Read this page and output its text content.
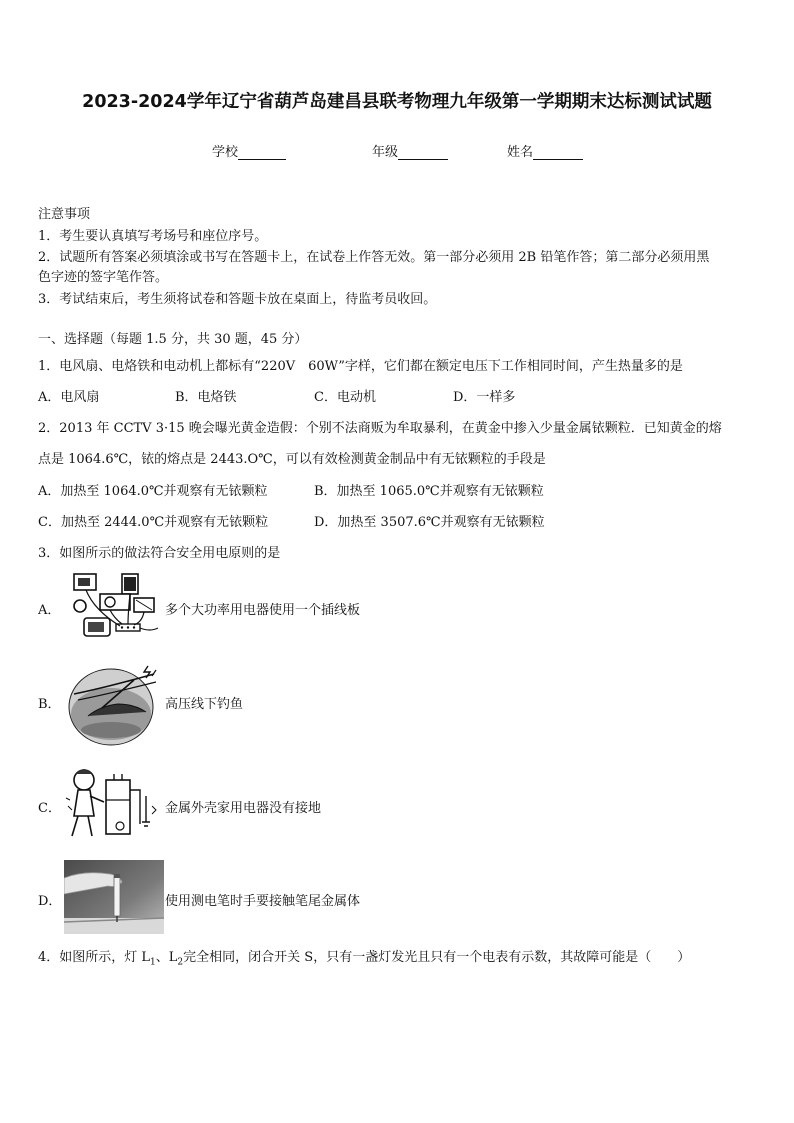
2023-2024学年辽宁省葫芦岛建昌县联考物理九年级第一学期期末达标测试试题
学校	年级	姓名
注意事项
1．考生要认真填写考场号和座位序号。
2．试题所有答案必须填涂或书写在答题卡上，在试卷上作答无效。第一部分必须用 2B 铅笔作答；第二部分必须用黑
色字迹的签字笔作答。
3．考试结束后，考生须将试卷和答题卡放在桌面上，待监考员收回。
一、选择题（每题 1.5 分，共 30 题，45 分）
1．电风扇、电烙铁和电动机上都标有“220V　60W”字样，它们都在额定电压下工作相同时间，产生热量多的是
A．电风扇	B．电烙铁	C．电动机	D．一样多
2．2013 年 CCTV 3·15 晚会曝光黄金造假：个别不法商贩为牟取暴利，在黄金中掺入少量金属铱颗粒．已知黄金的熔
点是 1064.6℃，铱的熔点是 2443.O℃，可以有效检测黄金制品中有无铱颗粒的手段是
A．加热至 1064.0℃并观察有无铱颗粒	B．加热至 1065.0℃并观察有无铱颗粒
C．加热至 2444.0℃并观察有无铱颗粒	D．加热至 3507.6℃并观察有无铱颗粒
3．如图所示的做法符合安全用电原则的是
A．	多个大功率用电器使用一个插线板
B．	高压线下钓鱼
C．	金属外壳家用电器没有接地
D．	使用测电笔时手要接触笔尾金属体
4．如图所示，灯 $L_1$、$L_2$完全相同，闭合开关 S，只有一盏灯发光且只有一个电表有示数，其故障可能是（　　）
